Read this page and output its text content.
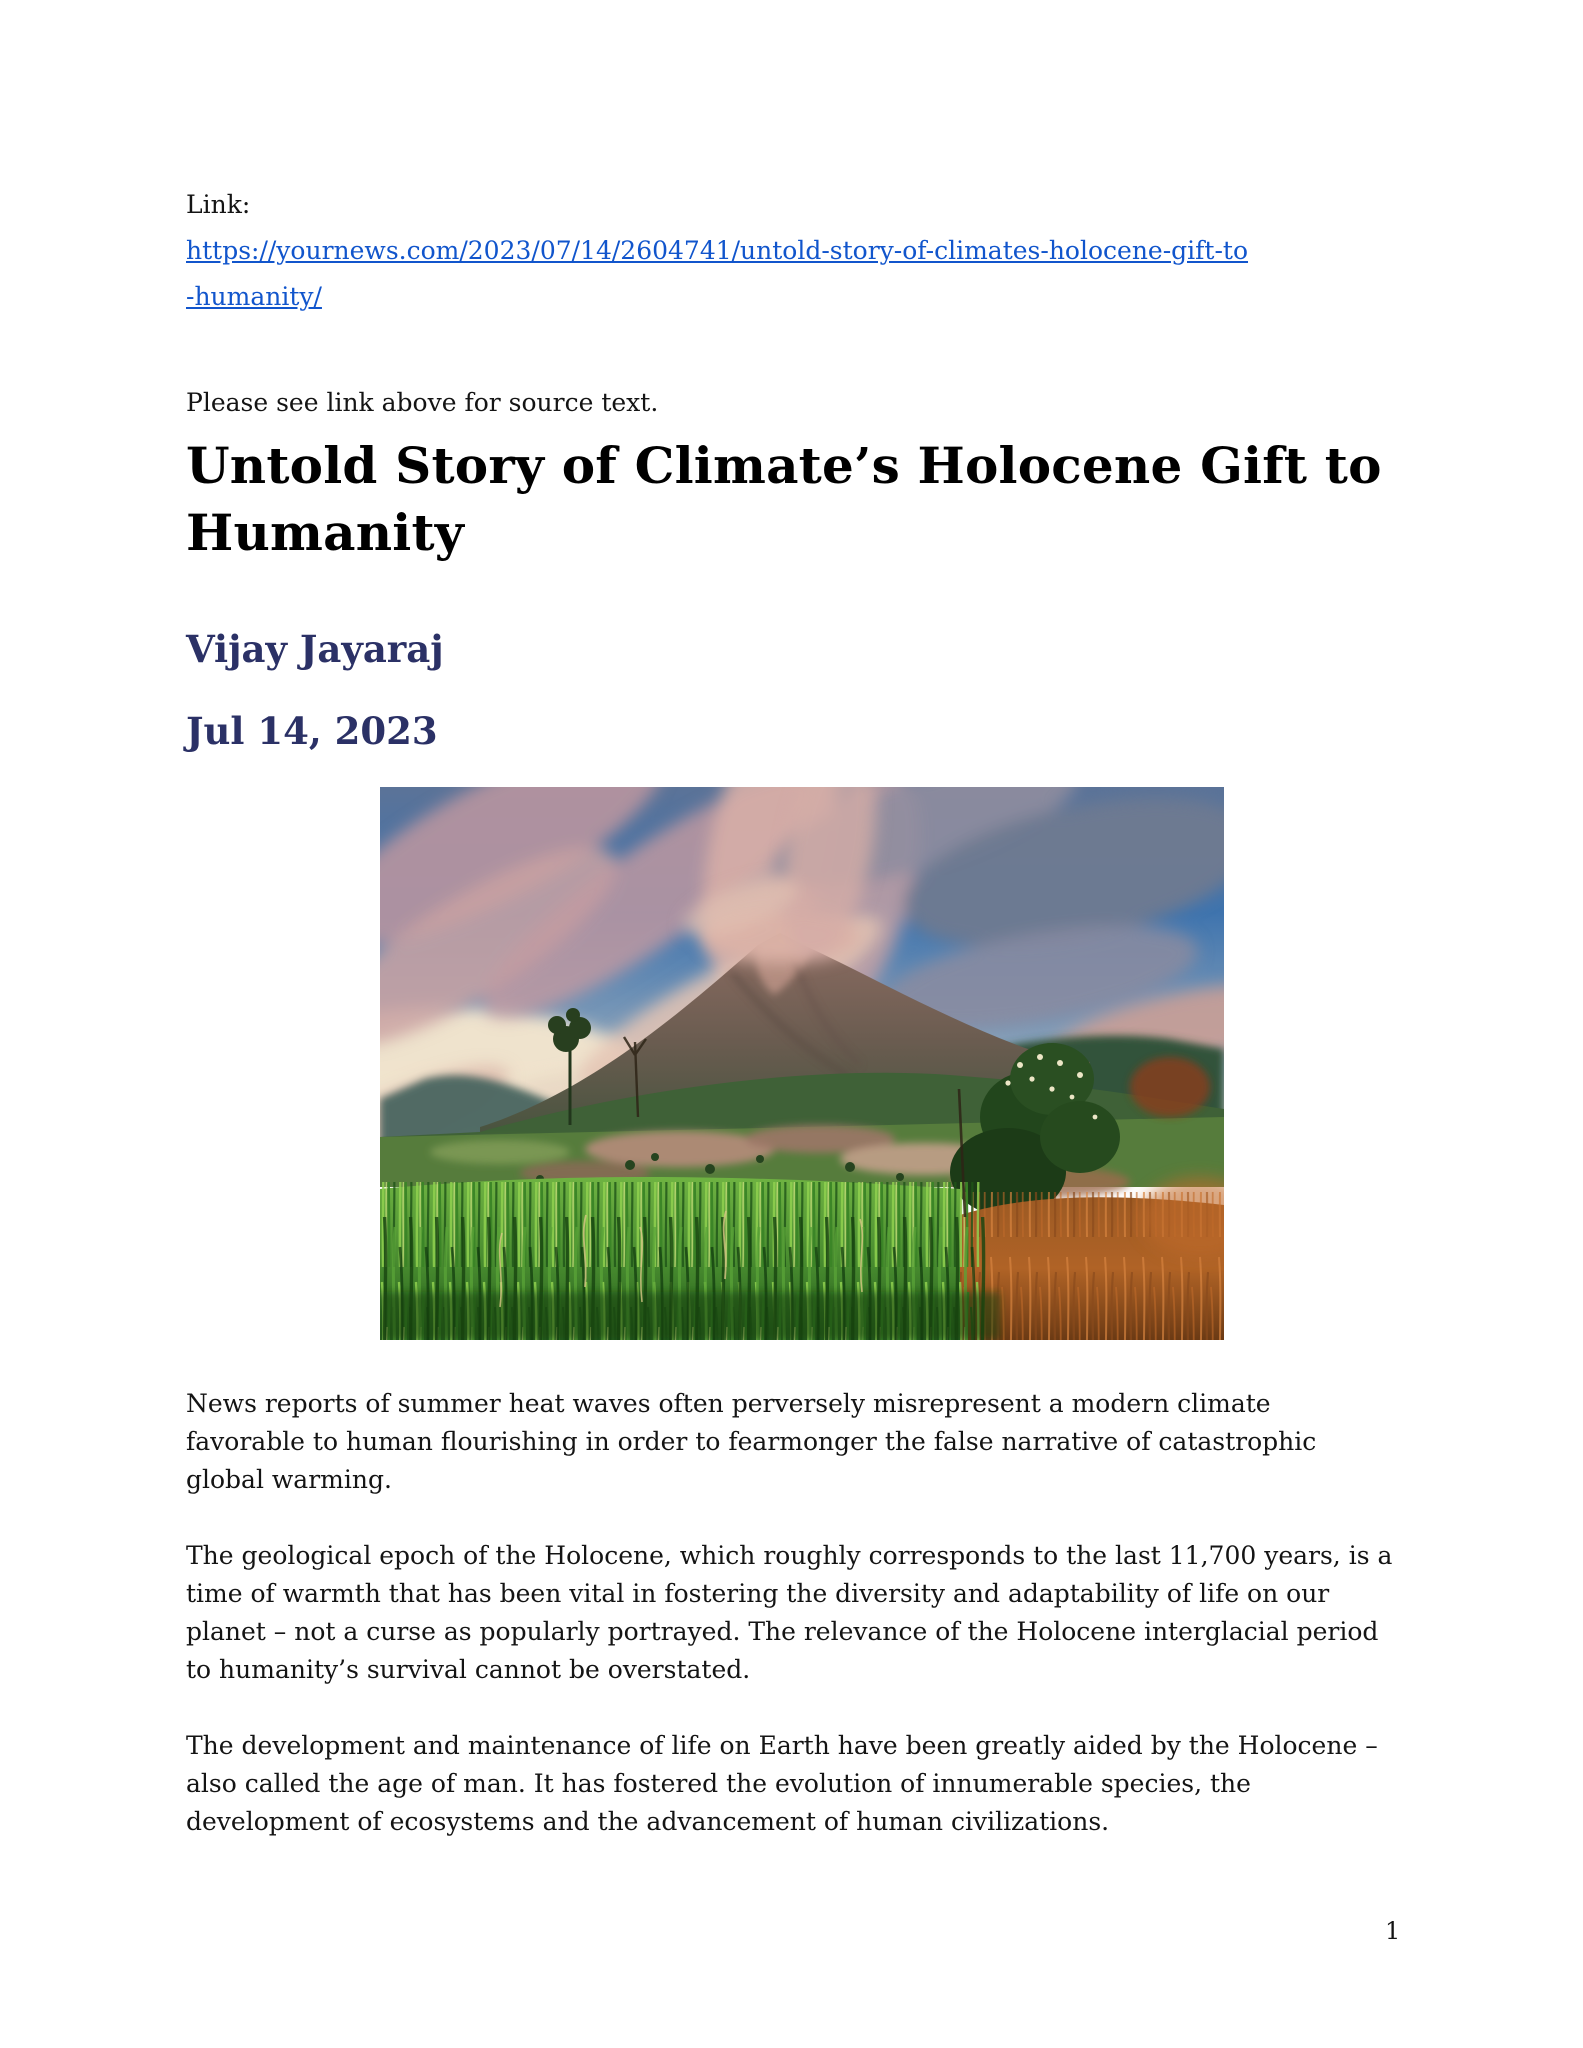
Link:

https://yournews.com/2023/07/14/2604741/untold-story-of-climates-holocene-gift-to
-humanity/

Please see link above for source text.

Untold Story of Climate’s Holocene Gift to
Humanity

Vijay Jayaraj

Jul 14, 2023

News reports of summer heat waves often perversely misrepresent a modern climate favorable to human flourishing in order to fearmonger the false narrative of catastrophic global warming.

The geological epoch of the Holocene, which roughly corresponds to the last 11,700 years, is a time of warmth that has been vital in fostering the diversity and adaptability of life on our planet – not a curse as popularly portrayed. The relevance of the Holocene interglacial period to humanity’s survival cannot be overstated.

The development and maintenance of life on Earth have been greatly aided by the Holocene – also called the age of man. It has fostered the evolution of innumerable species, the development of ecosystems and the advancement of human civilizations.

1
